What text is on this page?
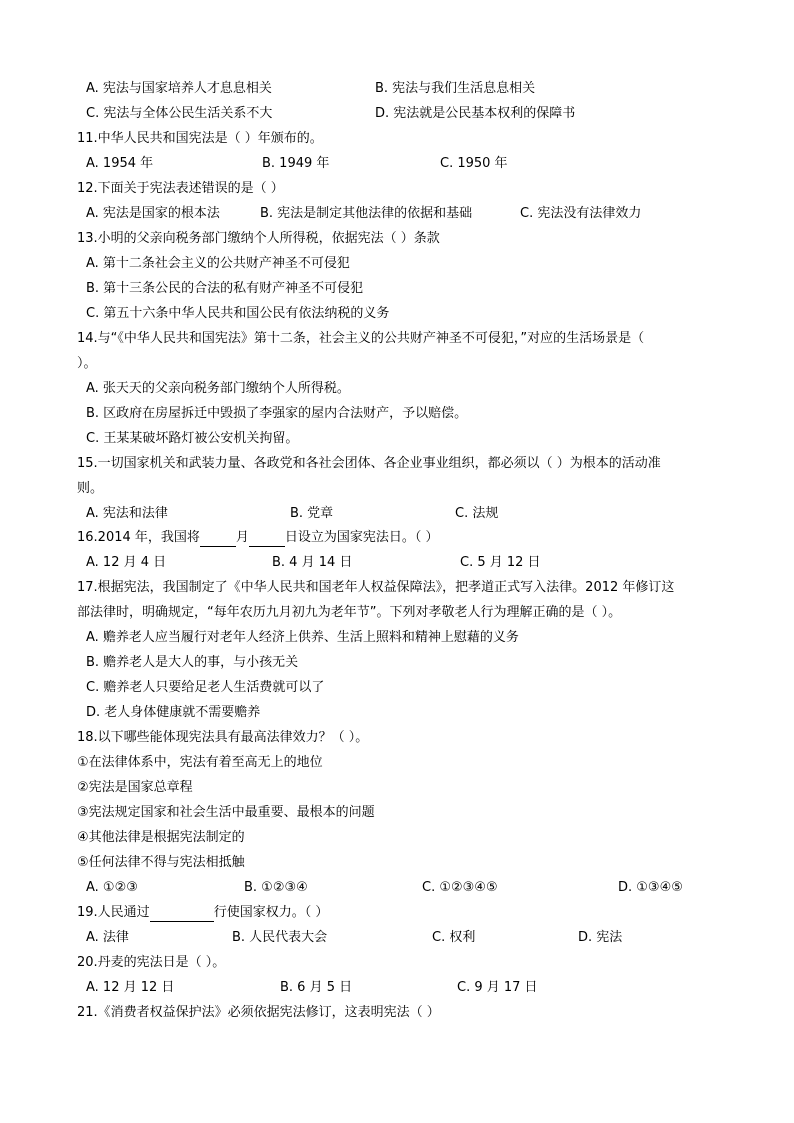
A. 宪法与国家培养人才息息相关	B. 宪法与我们生活息息相关
C. 宪法与全体公民生活关系不大	D. 宪法就是公民基本权利的保障书
11.中华人民共和国宪法是（ ）年颁布的。
A. 1954 年	B. 1949 年	C. 1950 年
12.下面关于宪法表述错误的是（ ）
A. 宪法是国家的根本法	B. 宪法是制定其他法律的依据和基础	C. 宪法没有法律效力
13.小明的父亲向税务部门缴纳个人所得税，依据宪法（ ）条款
A. 第十二条社会主义的公共财产神圣不可侵犯
B. 第十三条公民的合法的私有财产神圣不可侵犯
C. 第五十六条中华人民共和国公民有依法纳税的义务
14.与“《中华人民共和国宪法》第十二条，社会主义的公共财产神圣不可侵犯，”对应的生活场景是（
）。
A. 张天天的父亲向税务部门缴纳个人所得税。
B. 区政府在房屋拆迁中毁损了李强家的屋内合法财产，予以赔偿。
C. 王某某破坏路灯被公安机关拘留。
15.一切国家机关和武装力量、各政党和各社会团体、各企业事业组织，都必须以（ ）为根本的活动准
则。
A. 宪法和法律	B. 党章	C. 法规
16.2014 年，我国将	月	日设立为国家宪法日。（ ）
A. 12 月 4 日	B. 4 月 14 日	C. 5 月 12 日
17.根据宪法，我国制定了《中华人民共和国老年人权益保障法》，把孝道正式写入法律。2012 年修订这
部法律时，明确规定，“每年农历九月初九为老年节”。下列对孝敬老人行为理解正确的是（ ）。
A. 赡养老人应当履行对老年人经济上供养、生活上照料和精神上慰藉的义务
B. 赡养老人是大人的事，与小孩无关
C. 赡养老人只要给足老人生活费就可以了
D. 老人身体健康就不需要赡养
18.以下哪些能体现宪法具有最高法律效力？（ ）。
①在法律体系中，宪法有着至高无上的地位
②宪法是国家总章程
③宪法规定国家和社会生活中最重要、最根本的问题
④其他法律是根据宪法制定的
⑤任何法律不得与宪法相抵触
A. ①②③	B. ①②③④	C. ①②③④⑤	D. ①③④⑤
19.人民通过	行使国家权力。（ ）
A. 法律	B. 人民代表大会	C. 权利	D. 宪法
20.丹麦的宪法日是（ ）。
A. 12 月 12 日	B. 6 月 5 日	C. 9 月 17 日
21.《消费者权益保护法》必须依据宪法修订，这表明宪法（ ）
